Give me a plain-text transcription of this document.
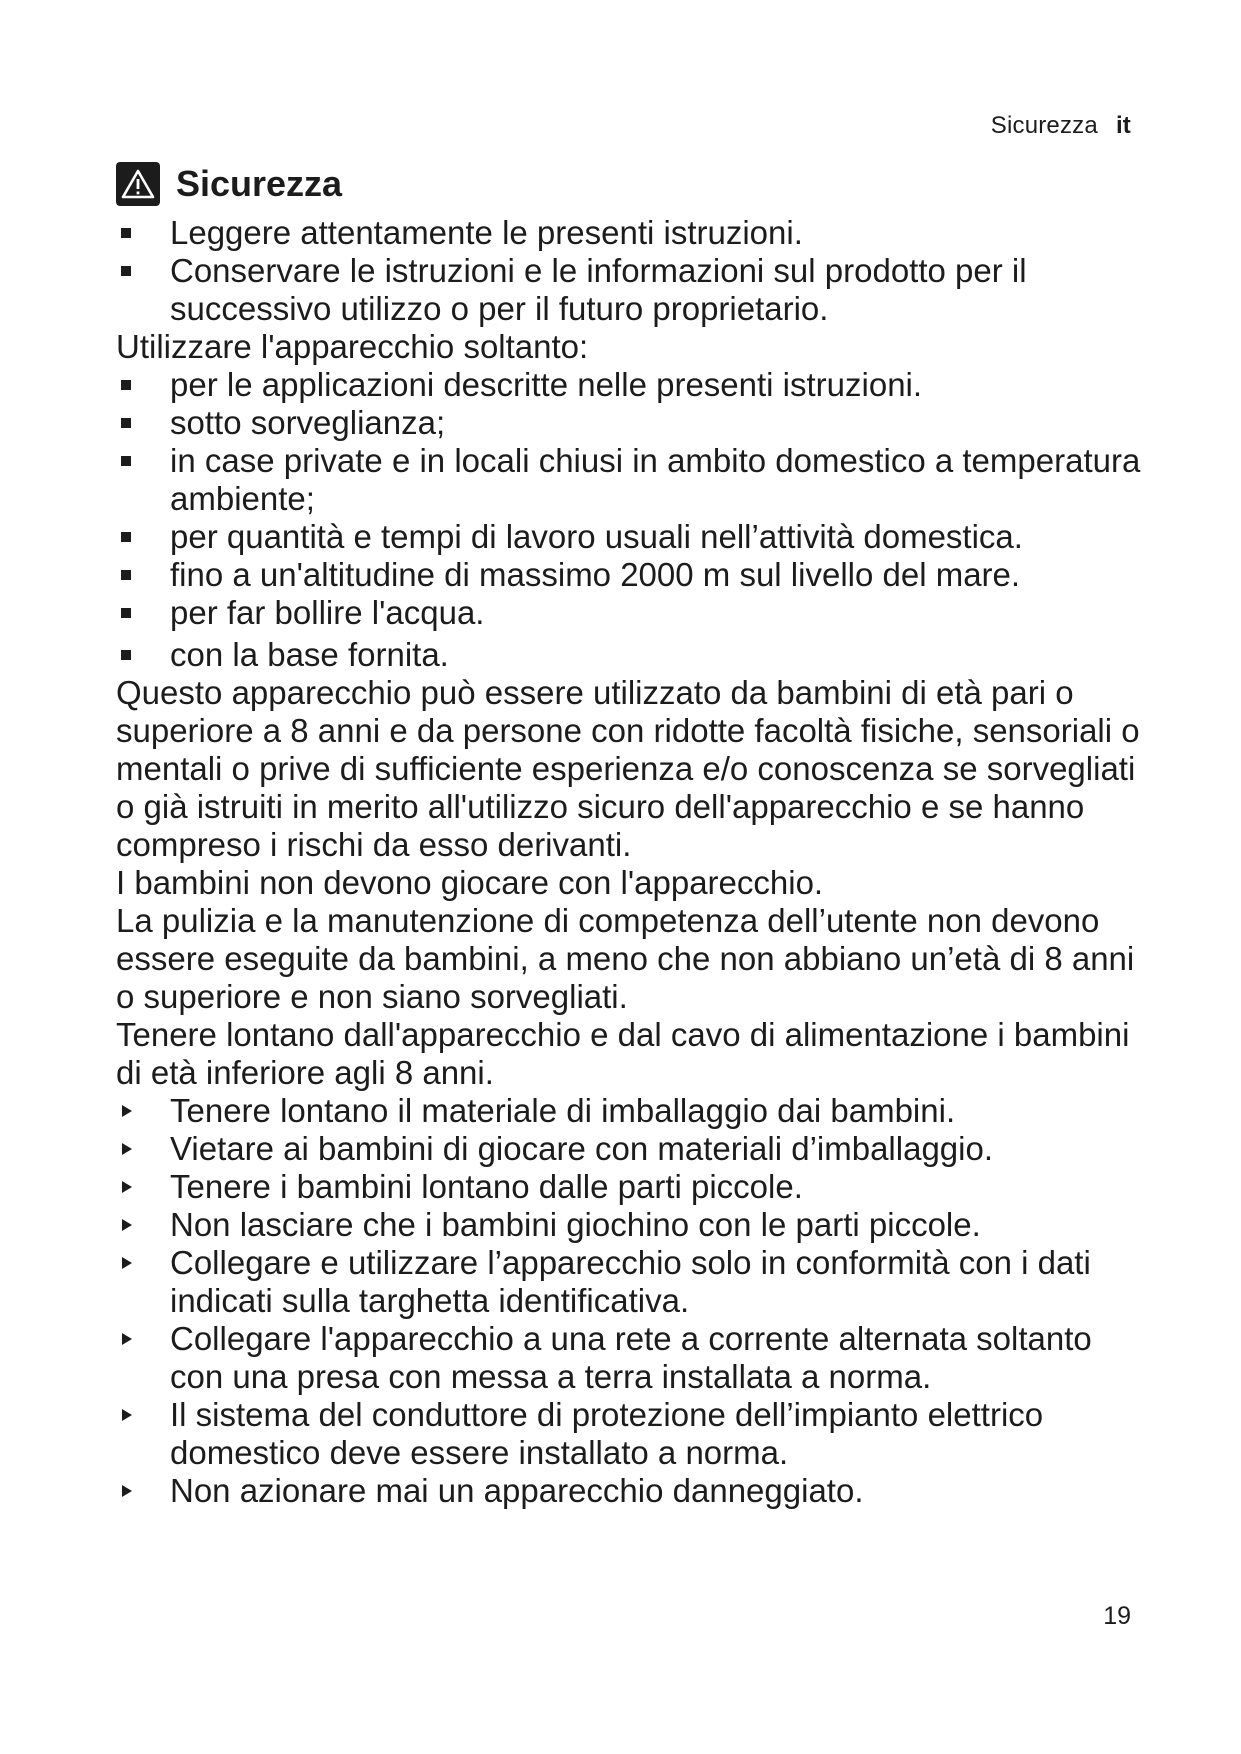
Sicurezza it
Sicurezza
Leggere attentamente le presenti istruzioni.
Conservare le istruzioni e le informazioni sul prodotto per il successivo utilizzo o per il futuro proprietario.
Utilizzare l'apparecchio soltanto:
per le applicazioni descritte nelle presenti istruzioni.
sotto sorveglianza;
in case private e in locali chiusi in ambito domestico a temperatura ambiente;
per quantità e tempi di lavoro usuali nell’attività domestica.
fino a un'altitudine di massimo 2000 m sul livello del mare.
per far bollire l'acqua.
con la base fornita.
Questo apparecchio può essere utilizzato da bambini di età pari o superiore a 8 anni e da persone con ridotte facoltà fisiche, sensoriali o mentali o prive di sufficiente esperienza e/o conoscenza se sorvegliati o già istruiti in merito all'utilizzo sicuro dell'apparecchio e se hanno compreso i rischi da esso derivanti.
I bambini non devono giocare con l'apparecchio.
La pulizia e la manutenzione di competenza dell’utente non devono essere eseguite da bambini, a meno che non abbiano un’età di 8 anni o superiore e non siano sorvegliati.
Tenere lontano dall'apparecchio e dal cavo di alimentazione i bambini di età inferiore agli 8 anni.
Tenere lontano il materiale di imballaggio dai bambini.
Vietare ai bambini di giocare con materiali d’imballaggio.
Tenere i bambini lontano dalle parti piccole.
Non lasciare che i bambini giochino con le parti piccole.
Collegare e utilizzare l’apparecchio solo in conformità con i dati indicati sulla targhetta identificativa.
Collegare l'apparecchio a una rete a corrente alternata soltanto con una presa con messa a terra installata a norma.
Il sistema del conduttore di protezione dell’impianto elettrico domestico deve essere installato a norma.
Non azionare mai un apparecchio danneggiato.
19
